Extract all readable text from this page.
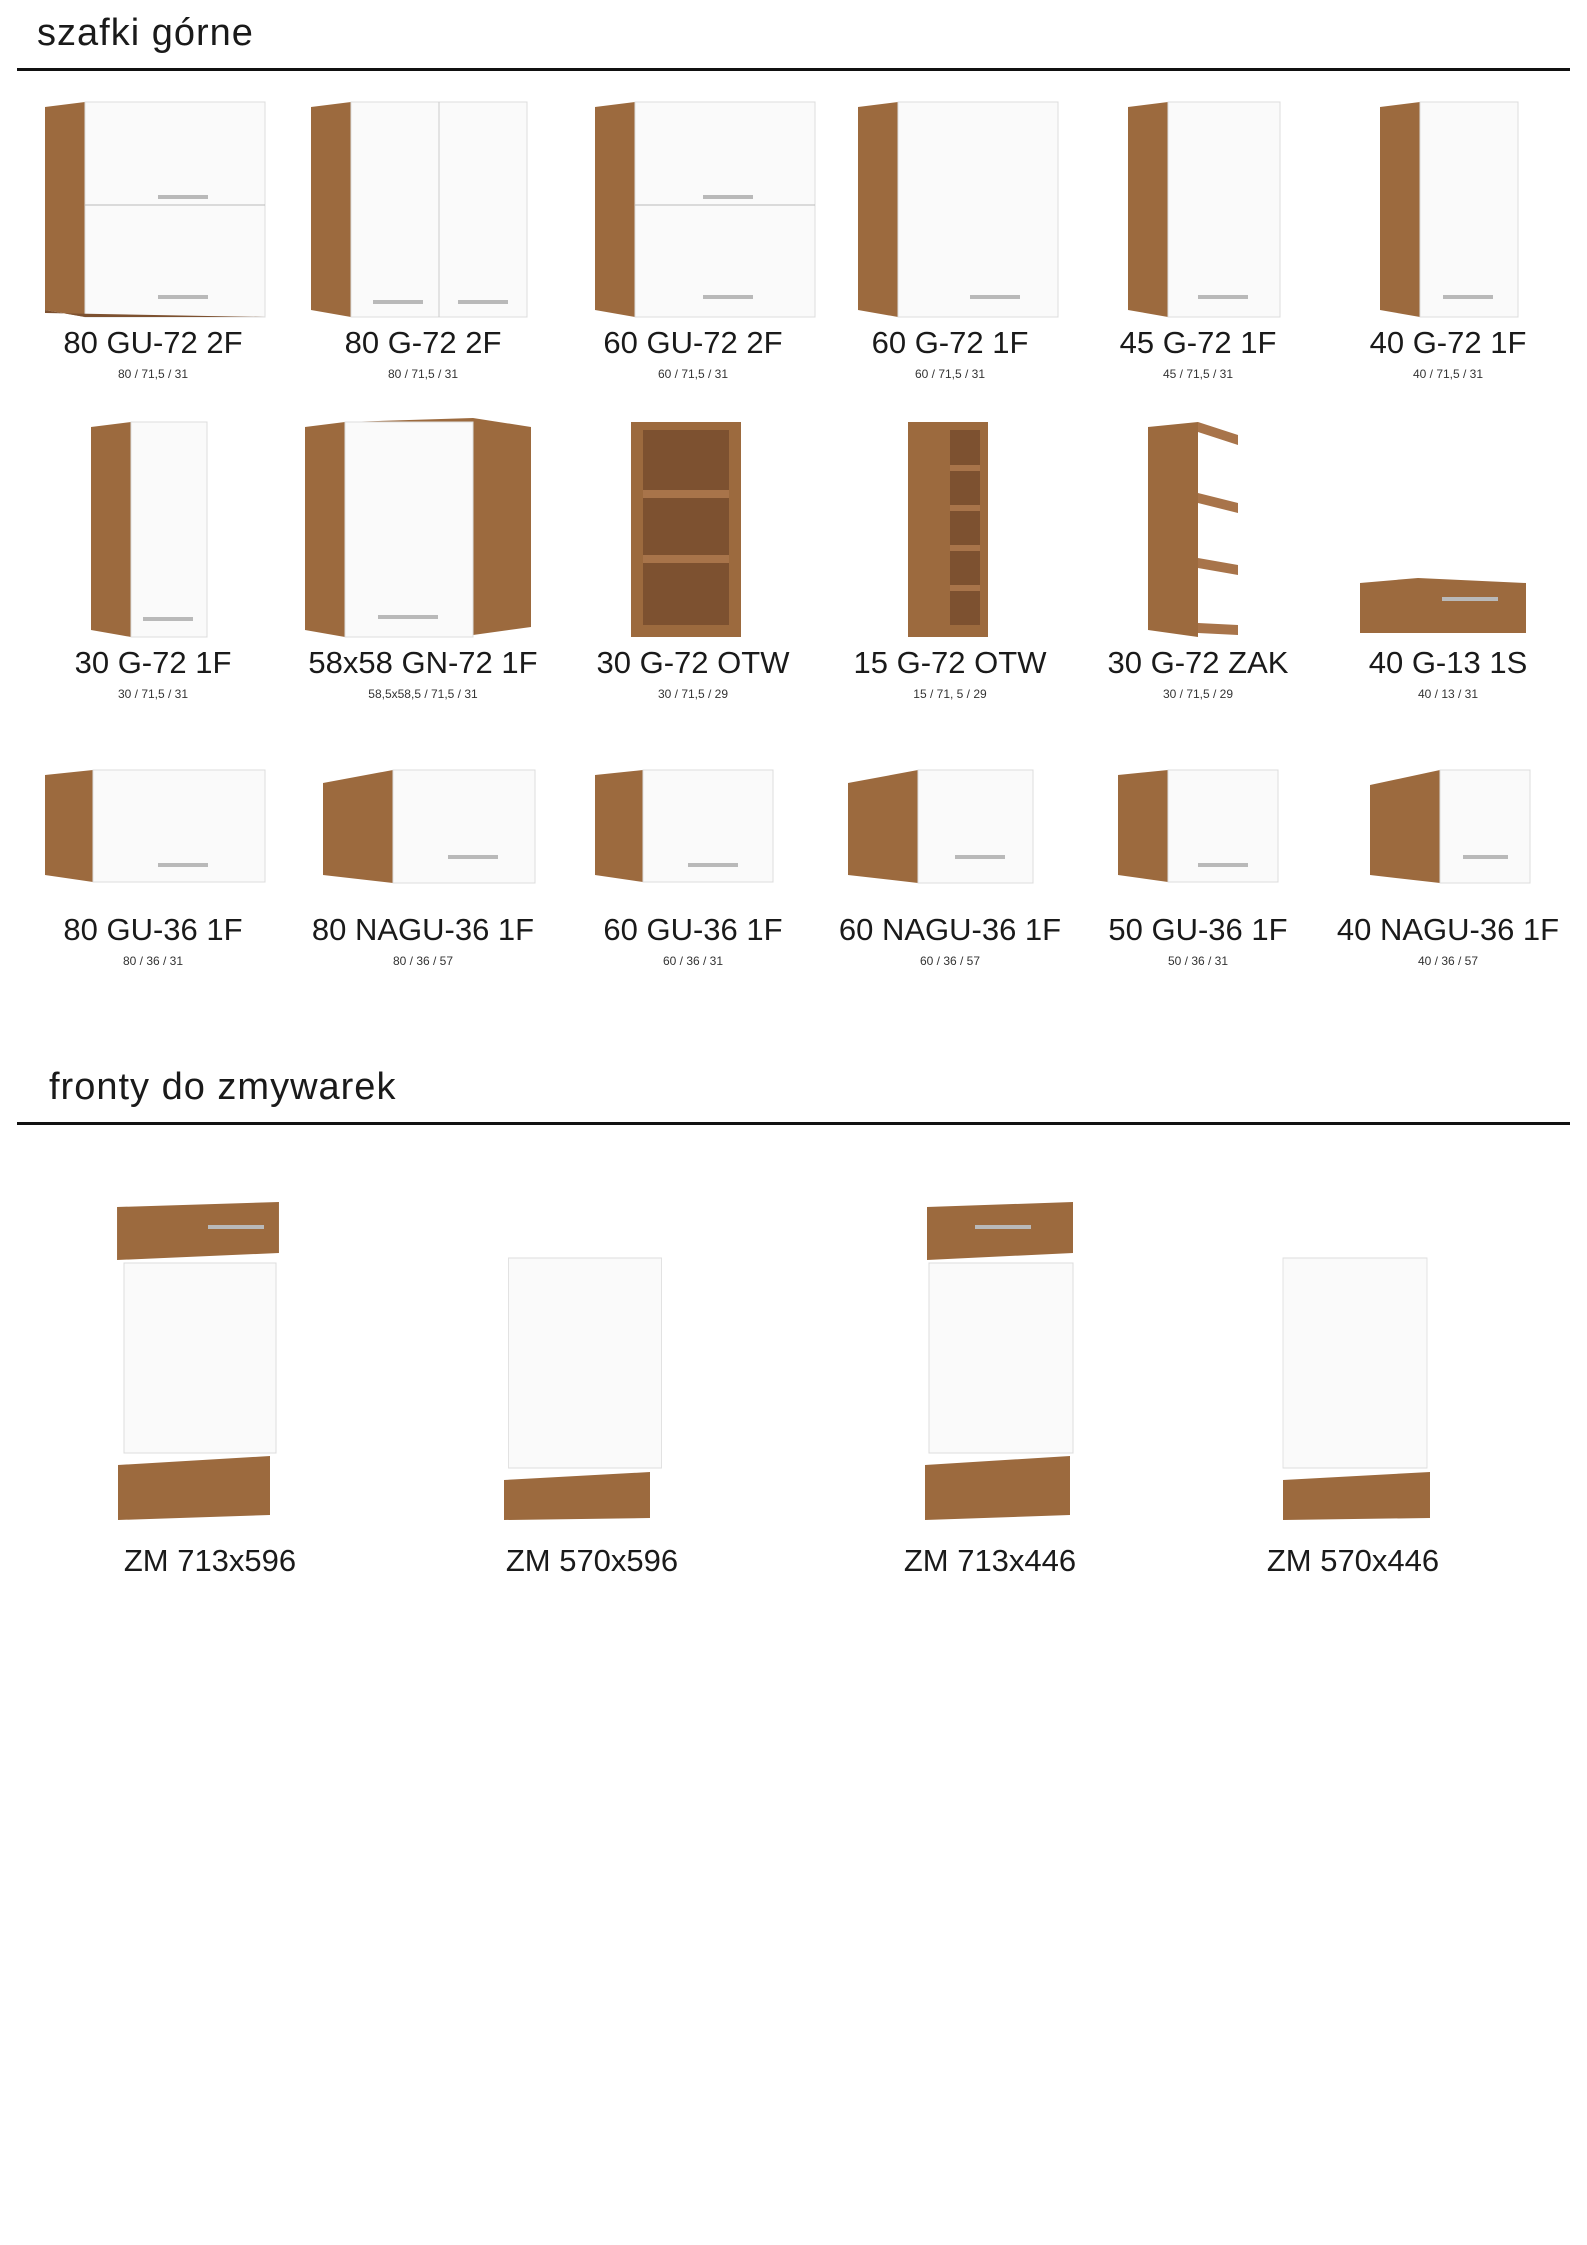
szafki górne
80 GU-72 2F
80 / 71,5 / 31
80 G-72 2F
80 / 71,5 / 31
60 GU-72 2F
60 / 71,5 / 31
60 G-72 1F
60 / 71,5 / 31
45 G-72 1F
45 / 71,5 / 31
40 G-72 1F
40 / 71,5 / 31
30 G-72 1F
30 / 71,5 / 31
58x58 GN-72 1F
58,5x58,5 / 71,5 / 31
30 G-72 OTW
30 / 71,5 / 29
15 G-72 OTW
15 / 71, 5 / 29
30 G-72 ZAK
30 / 71,5 / 29
40 G-13 1S
40 / 13 / 31
80 GU-36 1F
80 / 36 / 31
80 NAGU-36 1F
80 / 36 / 57
60 GU-36 1F
60 / 36 / 31
60 NAGU-36 1F
60 / 36 / 57
50 GU-36 1F
50 / 36 / 31
40 NAGU-36 1F
40 / 36 / 57
fronty do zmywarek
ZM 713x596	ZM 570x596	ZM 713x446	ZM 570x446
